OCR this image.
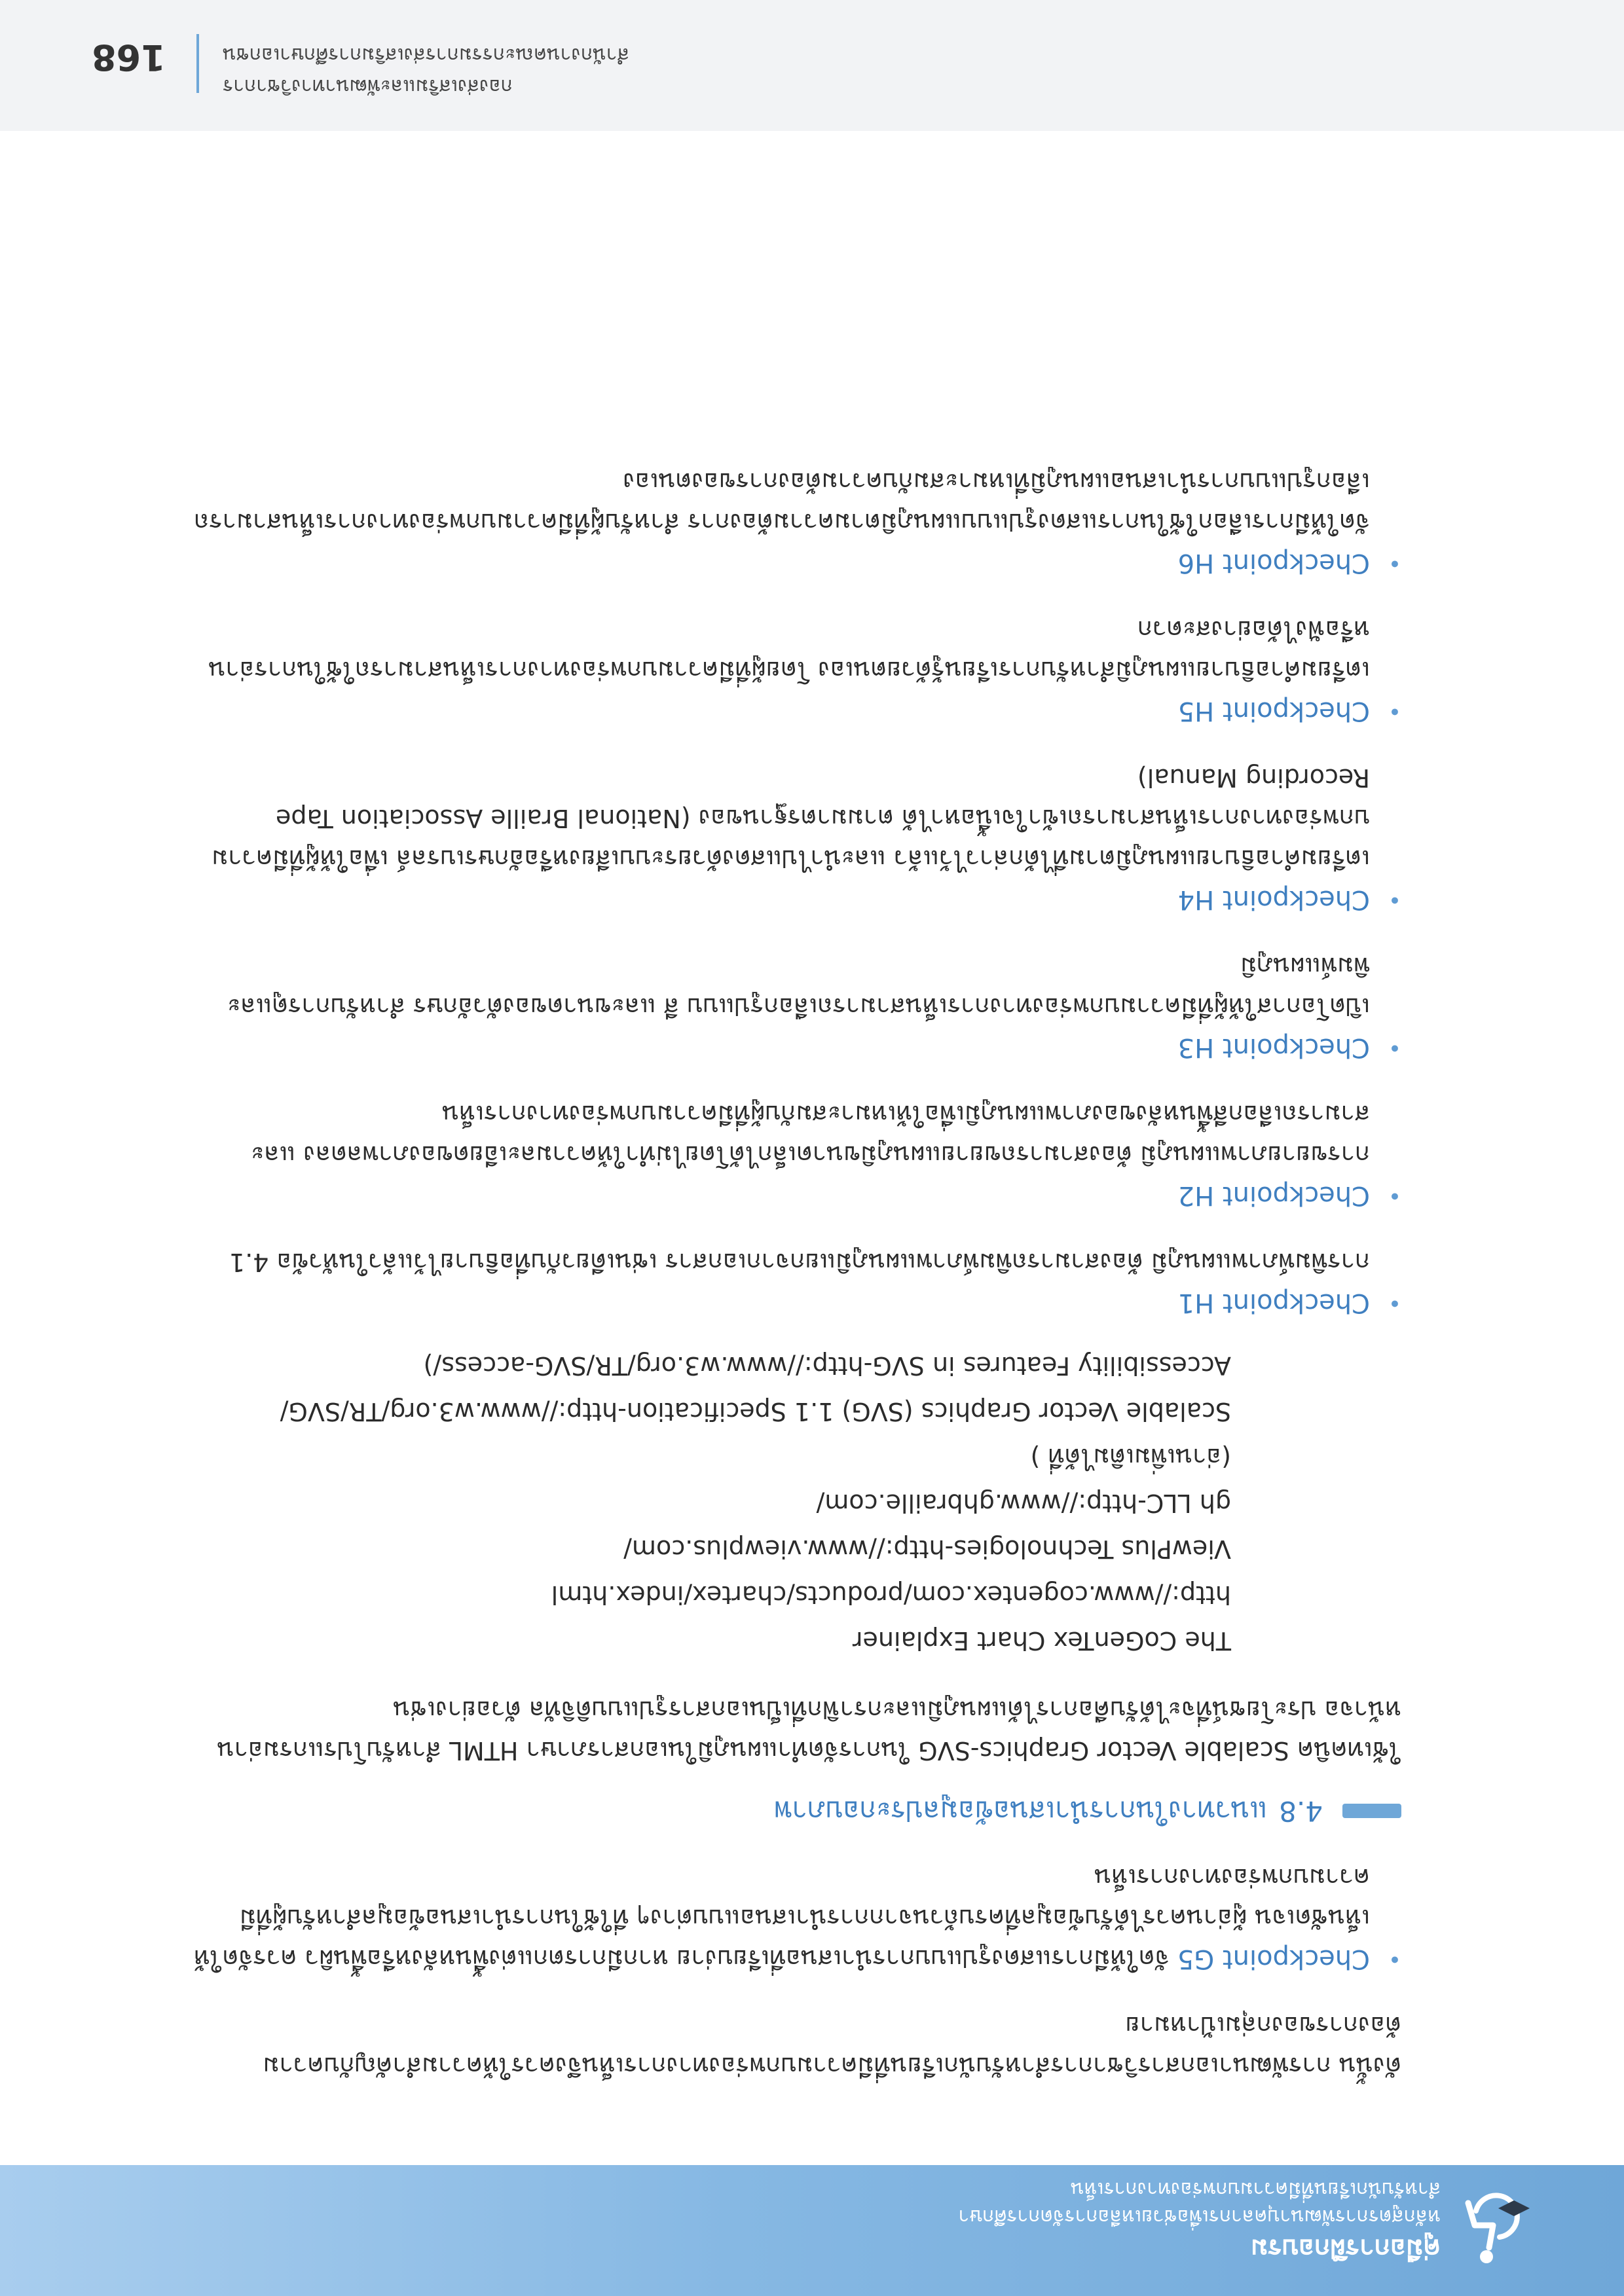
คู่มือการฝึกอบรม
หลักสูตรการพัฒนาบุคลากรเพื่อช่วยเหลือการจัดการศึกษา
สำหรับนักเรียนที่มีความบกพร่องทางการเห็น

ดังนั้น การพัฒนาเอกสารวิชาการสำหรับนักเรียนที่มีความบกพร่องทางการเห็นจึงควรให้ความสำคัญกับความต้องการของกลุ่มเป้าหมาย

•
Checkpoint G5 จัดให้มีการแสดงรูปแบบการนำเสนอที่เรียบง่าย หากมีการตกแต่งพื้นหลังหรือพื้นผิว ควรจัดให้เห็นชัดเจน ผู้อ่านควรได้รับข้อมูลที่ครบถ้วนจากการนำเสนอแบบต่างๆ ที่ใช้ในการนำเสนอข้อมูลสำหรับผู้ที่มีความบกพร่องทางการเห็น
4.8
แนวทางในการนำเสนอข้อมูลประกอบภาพ

ใช้เทคนิค Scalable Vector Graphics-SVG ในการจัดทำแผนภูมิในเอกสารภาษา HTML สำหรับโปรแกรมอ่านหน้าจอ ประโยชน์ที่จะได้รับคือการได้แผนภูมิและกราฟิกที่เป็นเอกสารรูปแบบดิจิทัล ตัวอย่างเช่น

The CoGenTex Chart Explainer
http://www.cogentex.com/products/chartex/index.html
ViewPlus Technologies-http://www.viewplus.com/
gh LLC-http://www.ghbraille.com/
(อ่านเพิ่มเติมได้ที่ )
Scalable Vector Graphics (SVG) 1.1 Specification-http://www.w3.org/TR/SVG/
Accessibility Features in SVG-http://www.w3.org/TR/SVG-access/)
•
Checkpoint H1

การพิมพ์ภาพแผนภูมิ ต้องสามารถพิมพ์ภาพแผนภูมิแยกจากเอกสาร เช่นเดียวกับที่อธิบายไว้แล้วในหัวข้อ 4.1

•
Checkpoint H2

การขยายภาพแผนภูมิ ต้องสามารถขยายแผนภูมิขนาดเล็กได้โดยไม่ทำให้ความละเอียดของภาพลดลง และสามารถเลือกสีพื้นหลังของภาพแผนภูมิเพื่อให้เหมาะสมกับผู้ที่มีความบกพร่องทางการเห็น

•
Checkpoint H3

เปิดโอกาสให้ผู้ที่มีความบกพร่องทางการเห็นสามารถเลือกรูปแบบ สี และขนาดของตัวอักษร สำหรับการดูและพิมพ์แผนภูมิ

•
Checkpoint H4

เตรียมคำอธิบายแผนภูมิตามที่ได้กล่าวไว้แล้ว และนำไปแสดงด้วยระบบเสียงหรืออักษรเบรลล์ เพื่อให้ผู้ที่มีความบกพร่องทางการเห็นสามารถเข้าใจเนื้อหาได้ ตามมาตรฐานของ (National Braille Association Tape Recording Manual)

•
Checkpoint H5

เตรียมคำอธิบายแผนภูมิสำหรับการเรียนรู้ด้วยตนเอง โดยผู้ที่มีความบกพร่องทางการเห็นสามารถใช้ในการอ่านหรือฟังได้อย่างสะดวก

•
Checkpoint H6

จัดให้มีการเลือกใช้ในการแสดงรูปแบบแผนภูมิตามความต้องการ สำหรับผู้ที่มีความบกพร่องทางการเห็นสามารถเลือกรูปแบบการนำเสนอแผนภูมิที่เหมาะสมกับความต้องการของตนเอง

กองส่งเสริมและพัฒนาทางวิชาการ
สำนักงานคณะกรรมการส่งเสริมการศึกษาเอกชน
168
